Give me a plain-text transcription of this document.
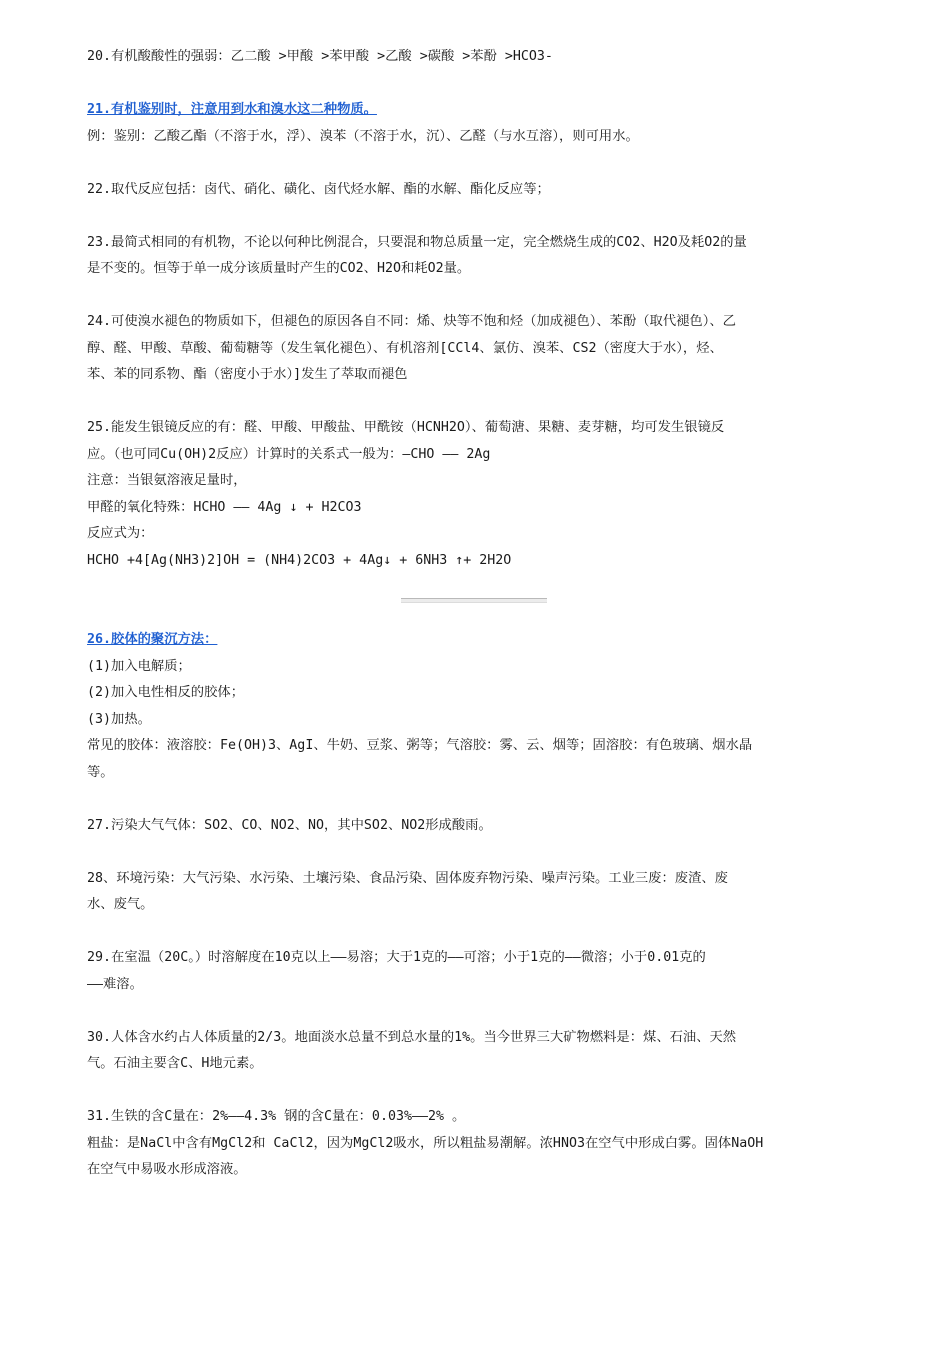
20.有机酸酸性的强弱：乙二酸 >甲酸 >苯甲酸 >乙酸 >碳酸 >苯酚 >HCO3-

21.有机鉴别时，注意用到水和溴水这二种物质。

例：鉴别：乙酸乙酯（不溶于水，浮）、溴苯（不溶于水，沉）、乙醛（与水互溶），则可用水。

22.取代反应包括：卤代、硝化、磺化、卤代烃水解、酯的水解、酯化反应等；

23.最简式相同的有机物，不论以何种比例混合，只要混和物总质量一定，完全燃烧生成的CO2、H2O及耗O2的量

是不变的。恒等于单一成分该质量时产生的CO2、H2O和耗O2量。

24.可使溴水褪色的物质如下，但褪色的原因各自不同：烯、炔等不饱和烃（加成褪色）、苯酚（取代褪色）、乙

醇、醛、甲酸、草酸、葡萄糖等（发生氧化褪色）、有机溶剂[CCl4、氯仿、溴苯、CS2（密度大于水），烃、

苯、苯的同系物、酯（密度小于水）]发生了萃取而褪色

25.能发生银镜反应的有：醛、甲酸、甲酸盐、甲酰铵（HCNH2O）、葡萄溏、果糖、麦芽糖，均可发生银镜反

应。（也可同Cu(OH)2反应）计算时的关系式一般为：—CHO —— 2Ag

注意：当银氨溶液足量时，

甲醛的氧化特殊：HCHO —— 4Ag ↓ + H2CO3

反应式为：

HCHO +4[Ag(NH3)2]OH = (NH4)2CO3 + 4Ag↓ + 6NH3 ↑+ 2H2O

26.胶体的聚沉方法：

(1)加入电解质；

(2)加入电性相反的胶体；

(3)加热。

常见的胶体：液溶胶：Fe(OH)3、AgI、牛奶、豆浆、粥等；气溶胶：雾、云、烟等；固溶胶：有色玻璃、烟水晶

等。

27.污染大气气体：SO2、CO、NO2、NO，其中SO2、NO2形成酸雨。

28、环境污染：大气污染、水污染、土壤污染、食品污染、固体废弃物污染、噪声污染。工业三废：废渣、废

水、废气。

29.在室温（20C。）时溶解度在10克以上——易溶；大于1克的——可溶；小于1克的——微溶；小于0.01克的

——难溶。

30.人体含水约占人体质量的2/3。地面淡水总量不到总水量的1%。当今世界三大矿物燃料是：煤、石油、天然

气。石油主要含C、H地元素。

31.生铁的含C量在：2%——4.3% 钢的含C量在：0.03%——2% 。

粗盐：是NaCl中含有MgCl2和 CaCl2，因为MgCl2吸水，所以粗盐易潮解。浓HNO3在空气中形成白雾。固体NaOH

在空气中易吸水形成溶液。
